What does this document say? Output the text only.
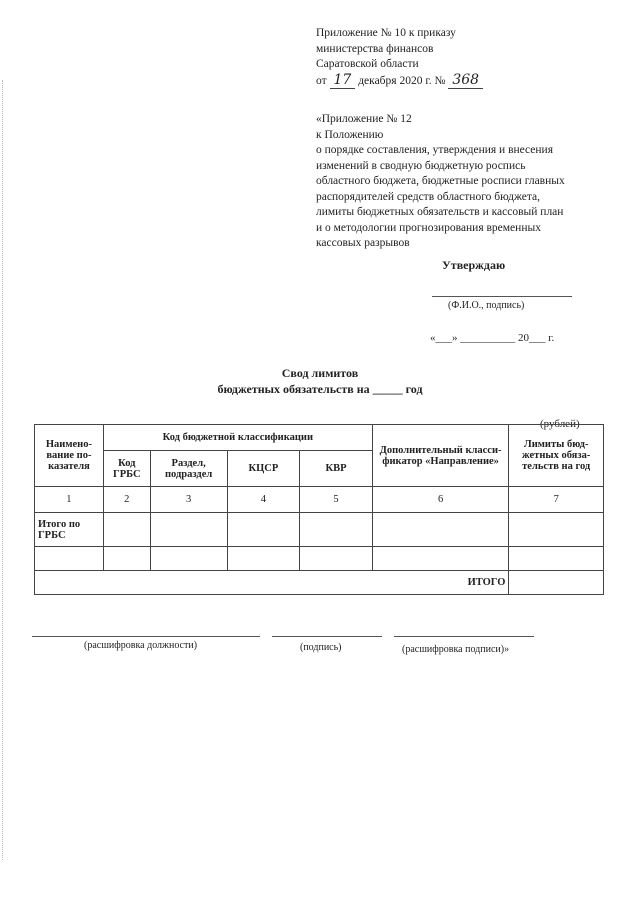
Приложение № 10 к приказу
министерства финансов
Саратовской области
от 17 декабря 2020 г. № 368
«Приложение № 12
к Положению
о порядке составления, утверждения и внесения
изменений в сводную бюджетную роспись
областного бюджета, бюджетные росписи главных
распорядителей средств областного бюджета,
лимиты бюджетных обязательств и кассовый план
и о методологии прогнозирования временных
кассовых разрывов
Утверждаю
(Ф.И.О., подпись)
«___» __________ 20___ г.
Свод лимитов
бюджетных обязательств на _____ год
(рублей)
Наимено-вание по-казателя	Код бюджетной классификации				Дополнительный класси-фикатор «Направление»	Лимиты бюд-жетных обяза-тельств на год
	Код ГРБС	Раздел, подраздел	КЦСР	КВР		
1	2	3	4	5	6	7
Итого по ГРБС						

ИТОГО						
(расшифровка должности)	(подпись)	(расшифровка подписи)»
